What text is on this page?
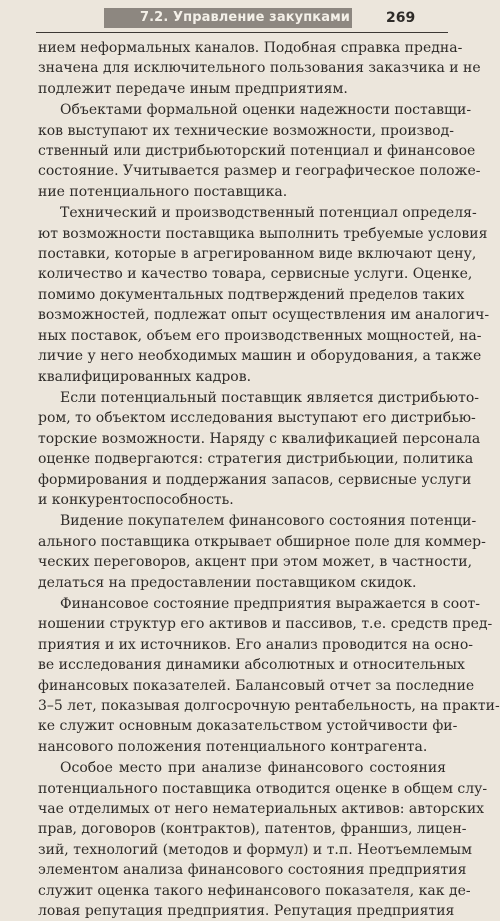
7.2. Управление закупками	269
нием неформальных каналов. Подобная справка предна-
значена для исключительного пользования заказчика и не
подлежит передаче иным предприятиям.
Объектами формальной оценки надежности поставщи-
ков выступают их технические возможности, производ-
ственный или дистрибьюторский потенциал и финансовое
состояние. Учитывается размер и географическое положе-
ние потенциального поставщика.
Технический и производственный потенциал определя-
ют возможности поставщика выполнить требуемые условия
поставки, которые в агрегированном виде включают цену,
количество и качество товара, сервисные услуги. Оценке,
помимо документальных подтверждений пределов таких
возможностей, подлежат опыт осуществления им аналогич-
ных поставок, объем его производственных мощностей, на-
личие у него необходимых машин и оборудования, а также
квалифицированных кадров.
Если потенциальный поставщик является дистрибьюто-
ром, то объектом исследования выступают его дистрибью-
торские возможности. Наряду с квалификацией персонала
оценке подвергаются: стратегия дистрибьюции, политика
формирования и поддержания запасов, сервисные услуги
и конкурентоспособность.
Видение покупателем финансового состояния потенци-
ального поставщика открывает обширное поле для коммер-
ческих переговоров, акцент при этом может, в частности,
делаться на предоставлении поставщиком скидок.
Финансовое состояние предприятия выражается в соот-
ношении структур его активов и пассивов, т.е. средств пред-
приятия и их источников. Его анализ проводится на осно-
ве исследования динамики абсолютных и относительных
финансовых показателей. Балансовый отчет за последние
3–5 лет, показывая долгосрочную рентабельность, на практи-
ке служит основным доказательством устойчивости фи-
нансового положения потенциального контрагента.
Особое место при анализе финансового состояния
потенциального поставщика отводится оценке в общем слу-
чае отделимых от него нематериальных активов: авторских
прав, договоров (контрактов), патентов, франшиз, лицен-
зий, технологий (методов и формул) и т.п. Неотъемлемым
элементом анализа финансового состояния предприятия
служит оценка такого нефинансового показателя, как де-
ловая репутация предприятия. Репутация предприятия
